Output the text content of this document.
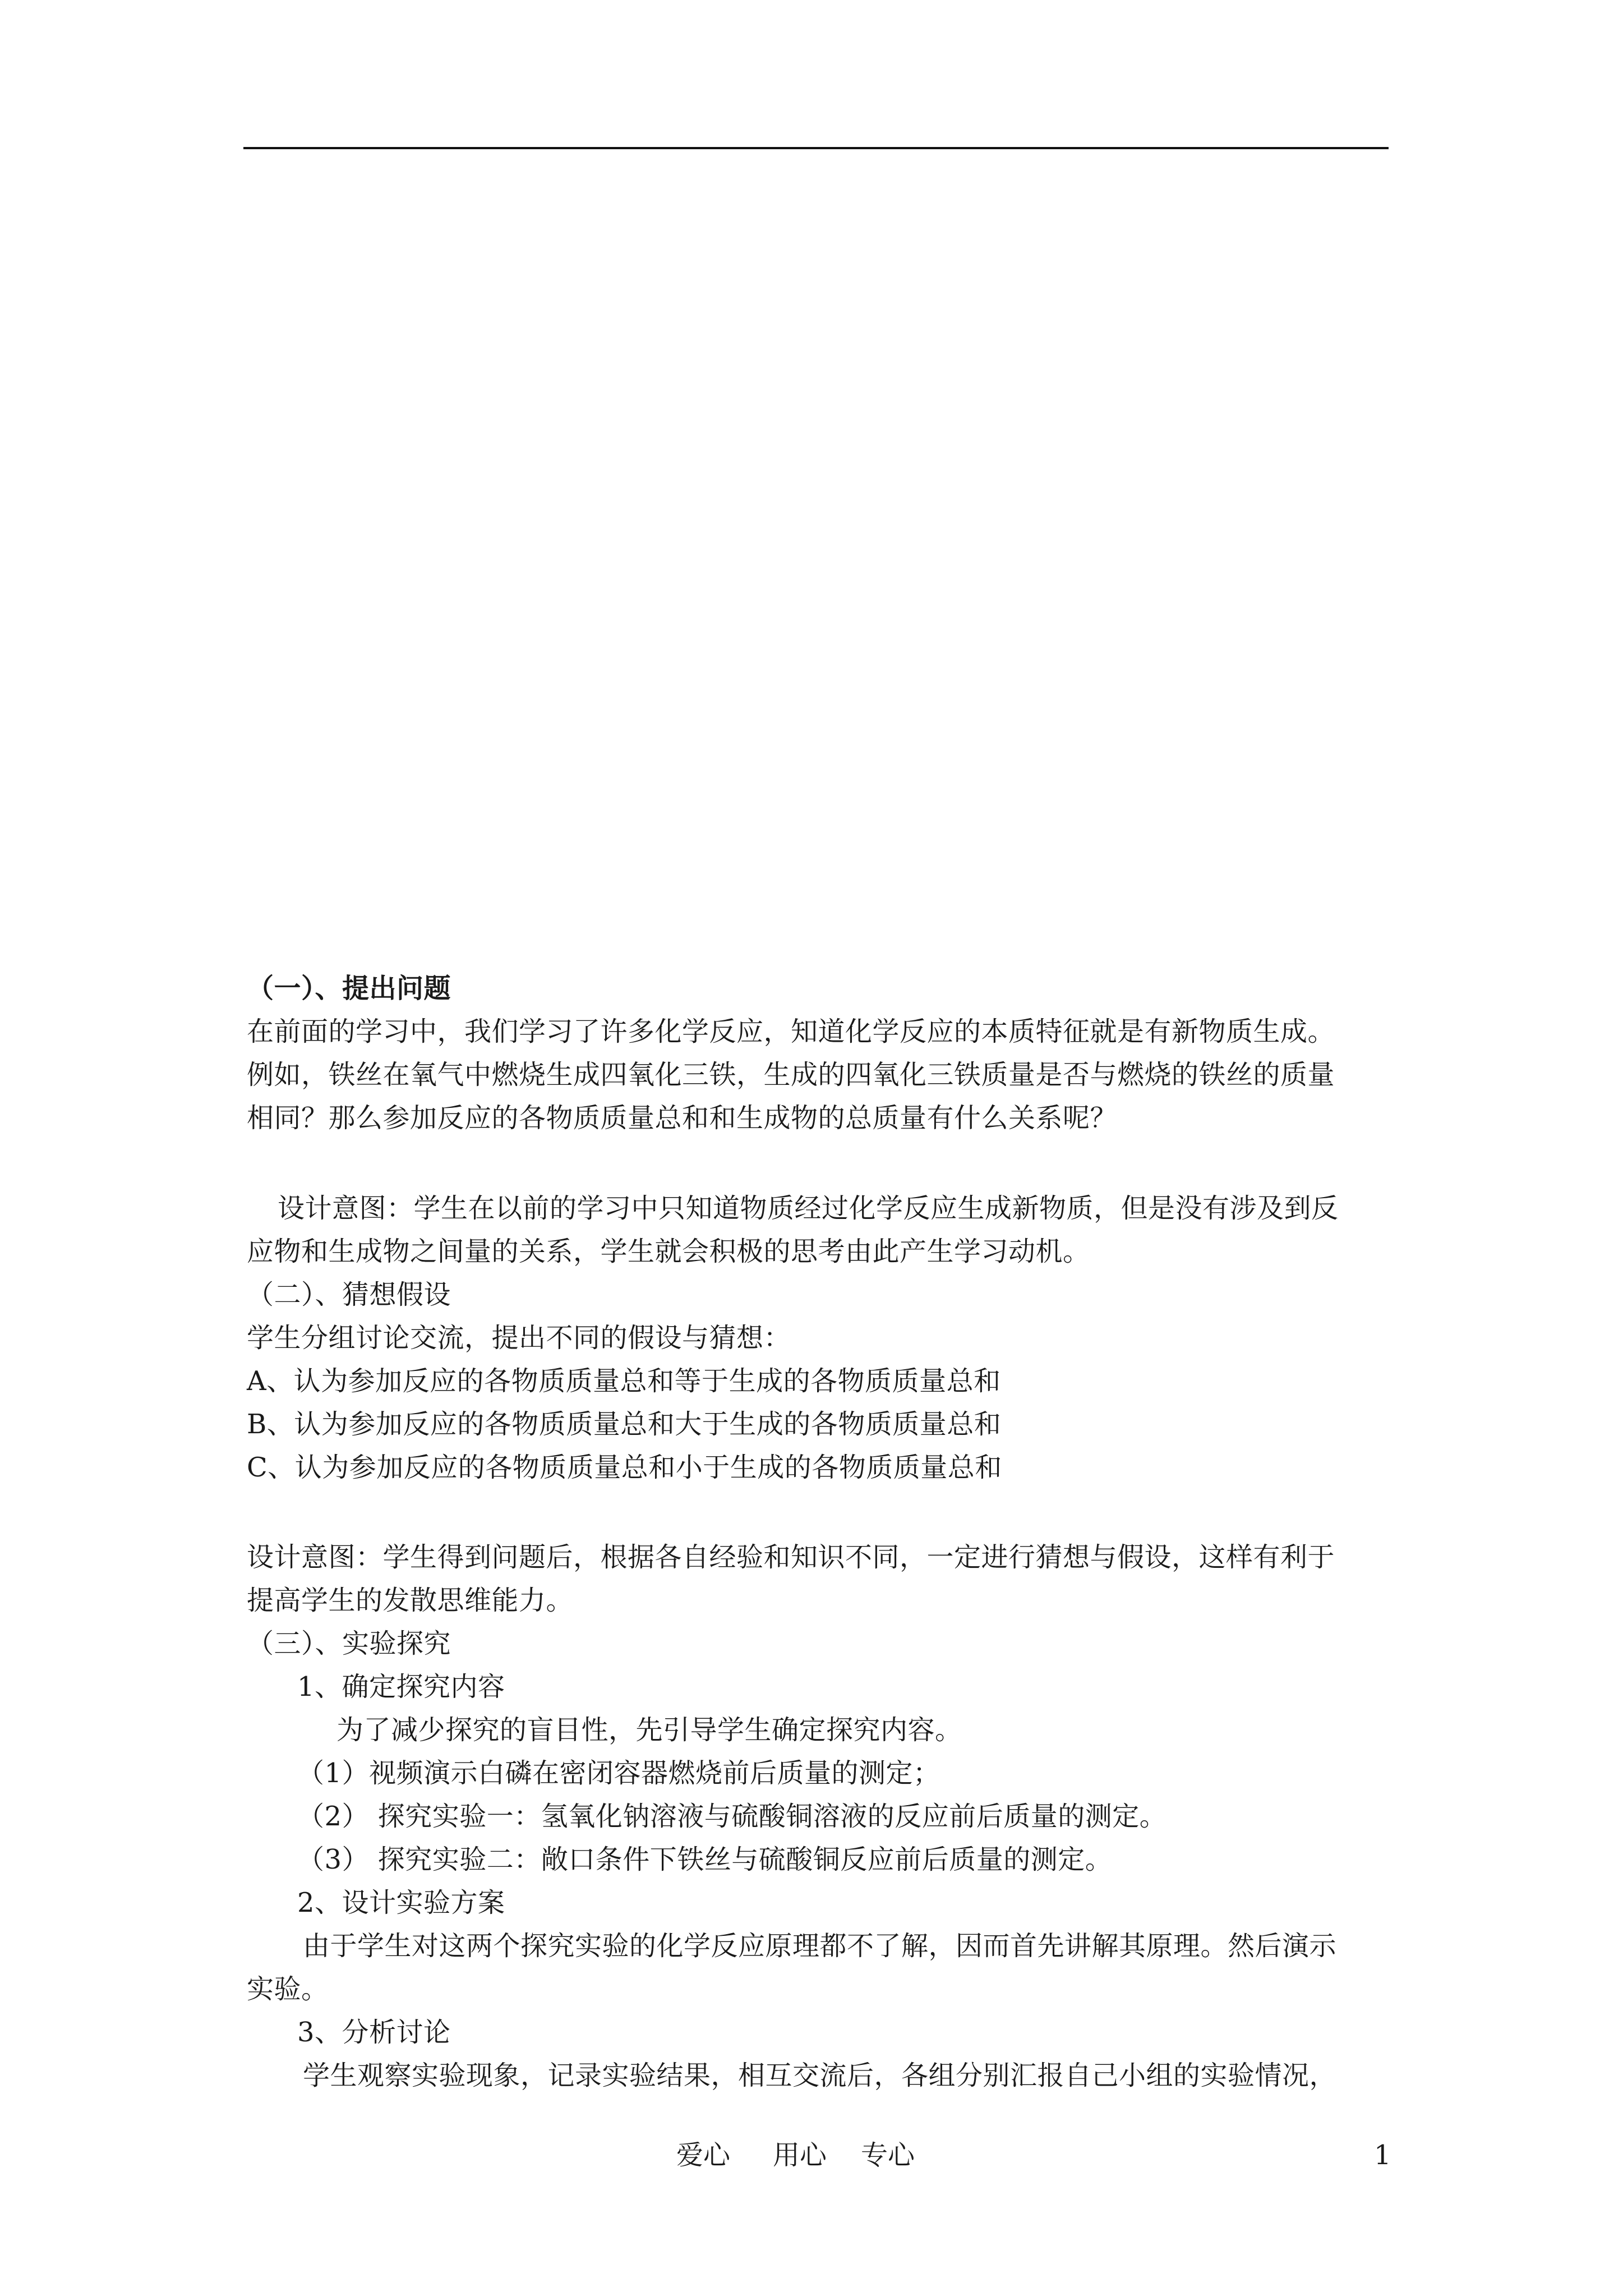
（一）、提出问题
在前面的学习中，我们学习了许多化学反应，知道化学反应的本质特征就是有新物质生成。
例如，铁丝在氧气中燃烧生成四氧化三铁，生成的四氧化三铁质量是否与燃烧的铁丝的质量
相同？那么参加反应的各物质质量总和和生成物的总质量有什么关系呢？
设计意图：学生在以前的学习中只知道物质经过化学反应生成新物质，但是没有涉及到反
应物和生成物之间量的关系，学生就会积极的思考由此产生学习动机。
（二）、猜想假设
学生分组讨论交流，提出不同的假设与猜想：
A、认为参加反应的各物质质量总和等于生成的各物质质量总和
B、认为参加反应的各物质质量总和大于生成的各物质质量总和
C、认为参加反应的各物质质量总和小于生成的各物质质量总和
设计意图：学生得到问题后，根据各自经验和知识不同，一定进行猜想与假设，这样有利于
提高学生的发散思维能力。
（三）、实验探究
1、确定探究内容
为了减少探究的盲目性，先引导学生确定探究内容。
（1）视频演示白磷在密闭容器燃烧前后质量的测定；
（2） 探究实验一：氢氧化钠溶液与硫酸铜溶液的反应前后质量的测定。
（3） 探究实验二：敞口条件下铁丝与硫酸铜反应前后质量的测定。
2、设计实验方案
由于学生对这两个探究实验的化学反应原理都不了解，因而首先讲解其原理。然后演示
实验。
3、分析讨论
学生观察实验现象，记录实验结果，相互交流后，各组分别汇报自己小组的实验情况，
爱心 用心 专心	1
